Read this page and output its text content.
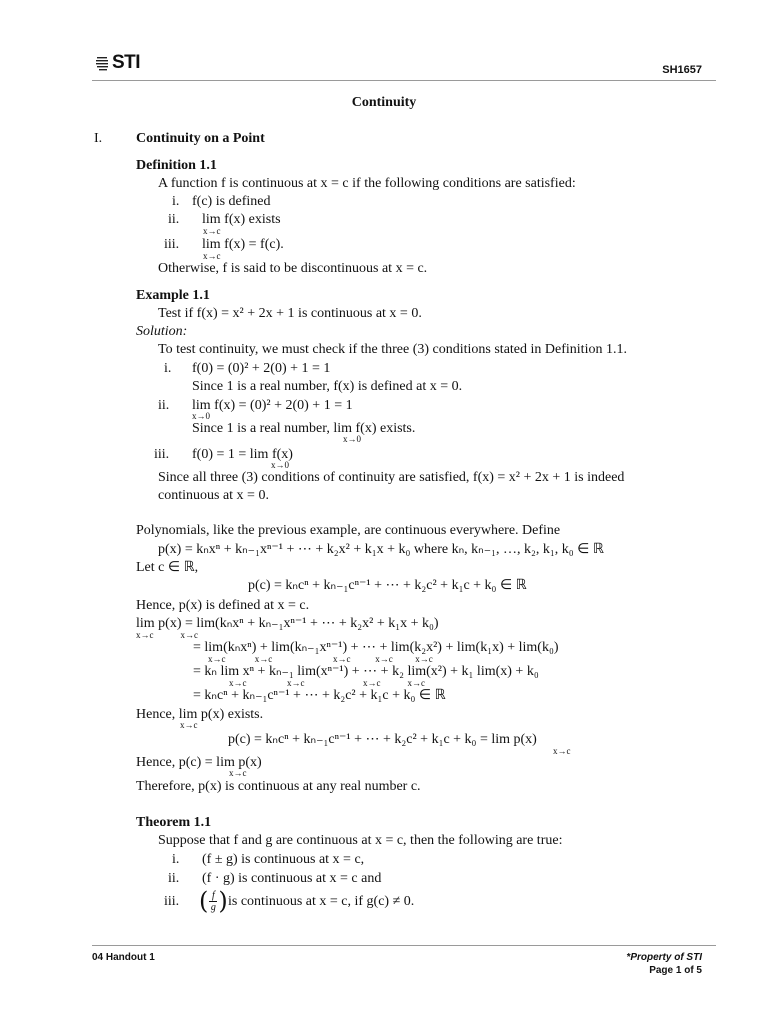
STI	SH1657
Continuity
I. Continuity on a Point
Definition 1.1
A function f is continuous at x = c if the following conditions are satisfied:
i. f(c) is defined
ii. lim f(x) exists
x→c
iii. lim f(x) = f(c).
x→c
Otherwise, f is said to be discontinuous at x = c.
Example 1.1
Test if f(x) = x² + 2x + 1 is continuous at x = 0.
Solution:
To test continuity, we must check if the three (3) conditions stated in Definition 1.1.
i. f(0) = (0)² + 2(0) + 1 = 1
Since 1 is a real number, f(x) is defined at x = 0.
ii. lim f(x) = (0)² + 2(0) + 1 = 1
x→0
Since 1 is a real number, lim f(x) exists.
x→0
iii. f(0) = 1 = lim f(x)
x→0
Since all three (3) conditions of continuity are satisfied, f(x) = x² + 2x + 1 is indeed
continuous at x = 0.
Polynomials, like the previous example, are continuous everywhere. Define
p(x) = kₙxⁿ + kₙ₋₁xⁿ⁻¹ + ⋯ + k₂x² + k₁x + k₀ where kₙ, kₙ₋₁, …, k₂, k₁, k₀ ∈ ℝ
Let c ∈ ℝ,
p(c) = kₙcⁿ + kₙ₋₁cⁿ⁻¹ + ⋯ + k₂c² + k₁c + k₀ ∈ ℝ
Hence, p(x) is defined at x = c.
lim p(x) = lim(kₙxⁿ + kₙ₋₁xⁿ⁻¹ + ⋯ + k₂x² + k₁x + k₀)
x→c            x→c
= lim(kₙxⁿ) + lim(kₙ₋₁xⁿ⁻¹) + ⋯ + lim(k₂x²) + lim(k₁x) + lim(k₀)
x→c             x→c                           x→c           x→c          x→c
= kₙ lim xⁿ + kₙ₋₁ lim(xⁿ⁻¹) + ⋯ + k₂ lim(x²) + k₁ lim(x) + k₀
x→c                  x→c                          x→c            x→c
= kₙcⁿ + kₙ₋₁cⁿ⁻¹ + ⋯ + k₂c² + k₁c + k₀ ∈ ℝ
Hence, lim p(x) exists.
x→c
p(c) = kₙcⁿ + kₙ₋₁cⁿ⁻¹ + ⋯ + k₂c² + k₁c + k₀ = lim p(x)
x→c
Hence, p(c) = lim p(x)
x→c
Therefore, p(x) is continuous at any real number c.
Theorem 1.1
Suppose that f and g are continuous at x = c, then the following are true:
i. (f ± g) is continuous at x = c,
ii. (f · g) is continuous at x = c and
iii. ( f
g ) is continuous at x = c, if g(c) ≠ 0.
04 Handout 1	*Property of STI
Page 1 of 5
